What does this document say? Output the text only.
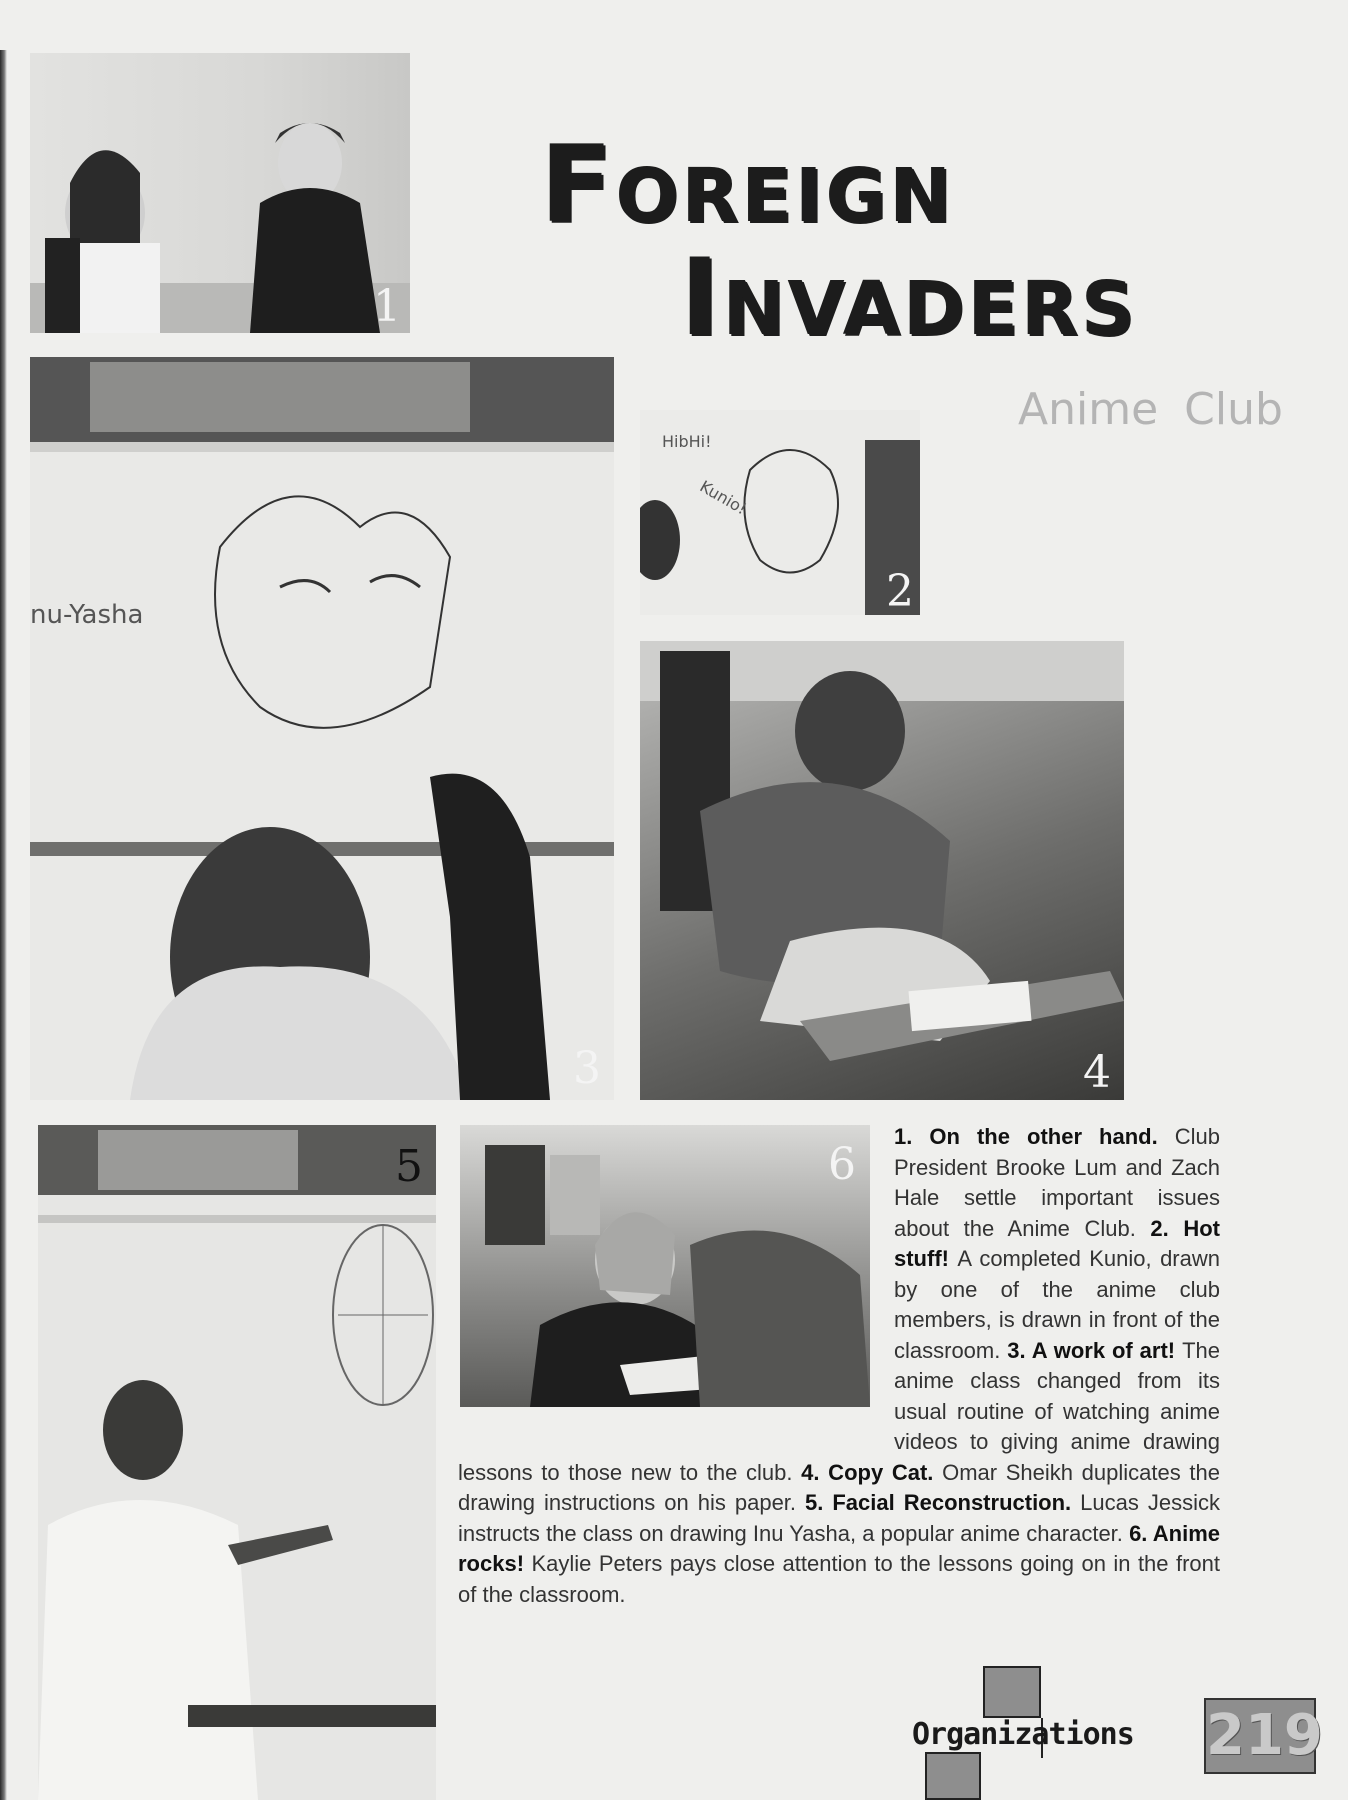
1
nu-Yasha
3
Foreign
Invaders
Anime Club
HibHi!
Kunio!
2
4
5	6
1. On the other hand. Club President Brooke Lum and Zach Hale settle important issues about the Anime Club. 2. Hot stuff! A completed Kunio, drawn by one of the anime club members, is drawn in front of the classroom. 3. A work of art! The anime class changed from its usual routine of watching anime videos to giving anime drawing lessons to those new to the club. 4. Copy Cat. Omar Sheikh duplicates the drawing instructions on his paper. 5. Facial Reconstruction. Lucas Jessick instructs the class on drawing Inu Yasha, a popular anime character. 6. Anime rocks! Kaylie Peters pays close attention to the lessons going on in the front of the classroom.
Organizations 219
